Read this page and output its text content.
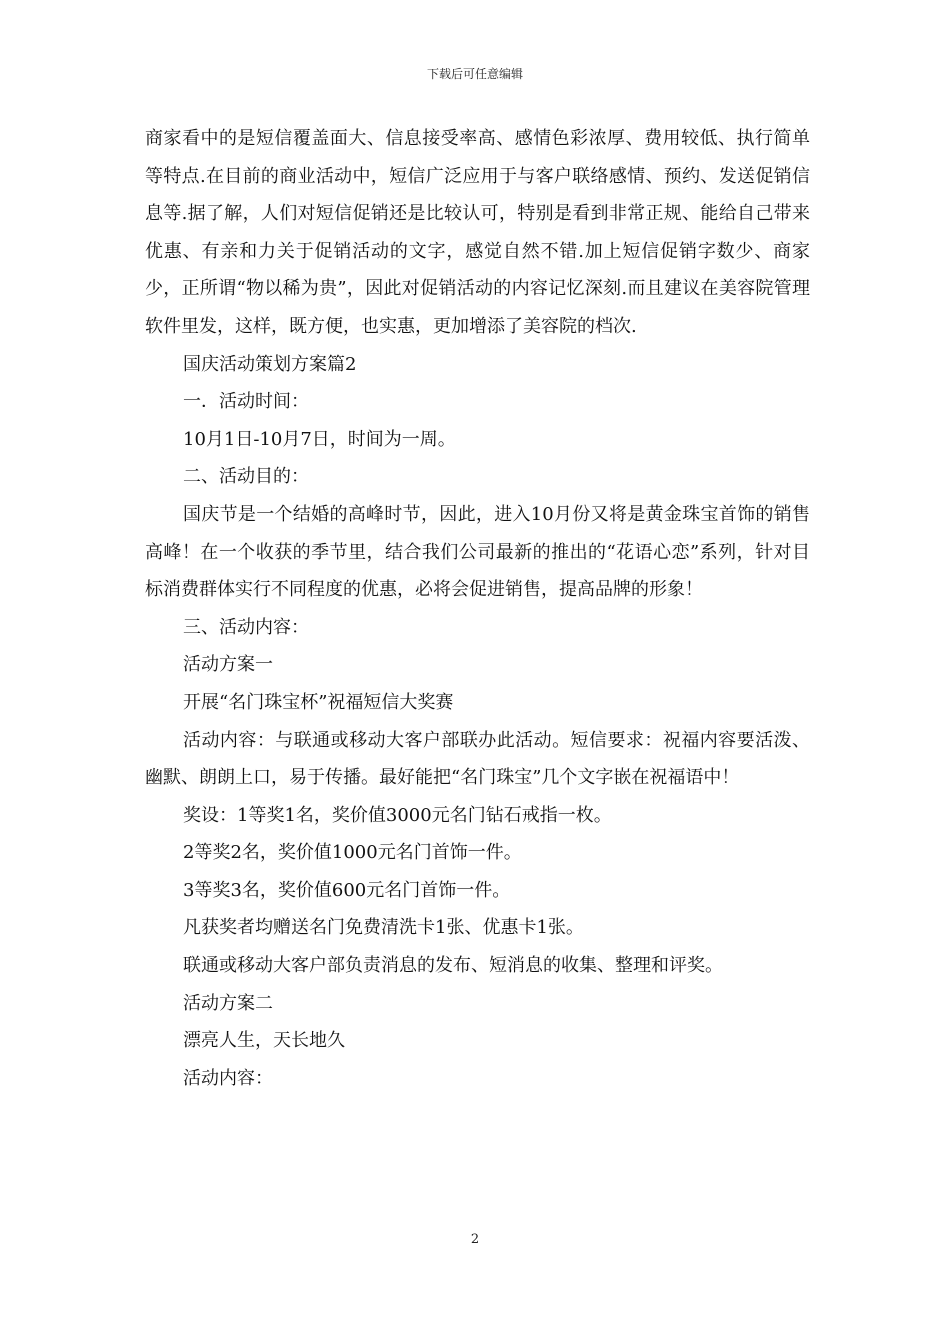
下载后可任意编辑

商家看中的是短信覆盖面大、信息接受率高、感情色彩浓厚、费用较低、执行简单等特点.在目前的商业活动中，短信广泛应用于与客户联络感情、预约、发送促销信息等.据了解，人们对短信促销还是比较认可，特别是看到非常正规、能给自己带来优惠、有亲和力关于促销活动的文字，感觉自然不错.加上短信促销字数少、商家少，正所谓“物以稀为贵”，因此对促销活动的内容记忆深刻.而且建议在美容院管理软件里发，这样，既方便，也实惠，更加增添了美容院的档次.

国庆活动策划方案篇2

一．活动时间：

10月1日-10月7日，时间为一周。

二、活动目的：

国庆节是一个结婚的高峰时节，因此，进入10月份又将是黄金珠宝首饰的销售高峰！在一个收获的季节里，结合我们公司最新的推出的“花语心恋”系列，针对目标消费群体实行不同程度的优惠，必将会促进销售，提高品牌的形象！

三、活动内容：

活动方案一

开展“名门珠宝杯”祝福短信大奖赛

活动内容：与联通或移动大客户部联办此活动。短信要求：祝福内容要活泼、幽默、朗朗上口，易于传播。最好能把“名门珠宝”几个文字嵌在祝福语中！

奖设：1等奖1名，奖价值3000元名门钻石戒指一枚。

2等奖2名，奖价值1000元名门首饰一件。

3等奖3名，奖价值600元名门首饰一件。

凡获奖者均赠送名门免费清洗卡1张、优惠卡1张。

联通或移动大客户部负责消息的发布、短消息的收集、整理和评奖。

活动方案二

漂亮人生，天长地久

活动内容：

2
